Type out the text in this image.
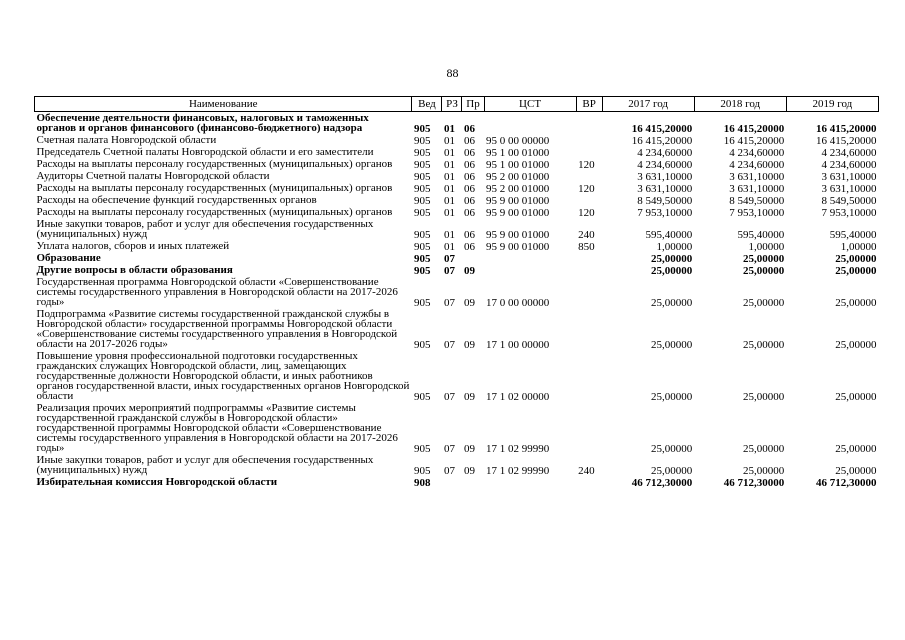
88
Наименование	Вед	РЗ	Пр	ЦСТ	ВР	2017 год	2018 год	2019 год
Обеспечение деятельности финансовых, налоговых и таможенных органов и органов финансового (финансово-бюджетного) надзора	905	01	06			16 415,20000	16 415,20000	16 415,20000
Счетная палата Новгородской области	905	01	06	95 0 00 00000		16 415,20000	16 415,20000	16 415,20000
Председатель Счетной палаты Новгородской области и его заместители	905	01	06	95 1 00 01000		4 234,60000	4 234,60000	4 234,60000
Расходы на выплаты персоналу государственных (муниципальных) органов	905	01	06	95 1 00 01000	120	4 234,60000	4 234,60000	4 234,60000
Аудиторы Счетной палаты Новгородской области	905	01	06	95 2 00 01000		3 631,10000	3 631,10000	3 631,10000
Расходы на выплаты персоналу государственных (муниципальных) органов	905	01	06	95 2 00 01000	120	3 631,10000	3 631,10000	3 631,10000
Расходы на обеспечение функций государственных органов	905	01	06	95 9 00 01000		8 549,50000	8 549,50000	8 549,50000
Расходы на выплаты персоналу государственных (муниципальных) органов	905	01	06	95 9 00 01000	120	7 953,10000	7 953,10000	7 953,10000
Иные закупки товаров, работ и услуг для обеспечения государственных (муниципальных) нужд	905	01	06	95 9 00 01000	240	595,40000	595,40000	595,40000
Уплата налогов, сборов и иных платежей	905	01	06	95 9 00 01000	850	1,00000	1,00000	1,00000
Образование	905	07				25,00000	25,00000	25,00000
Другие вопросы в области образования	905	07	09			25,00000	25,00000	25,00000
Государственная программа Новгородской области «Совершенствование системы государственного управления в Новгородской области на 2017-2026 годы»	905	07	09	17 0 00 00000		25,00000	25,00000	25,00000
Подпрограмма «Развитие системы государственной гражданской службы в Новгородской области» государственной программы Новгородской области «Совершенствование системы государственного управления в Новгородской области на 2017-2026 годы»	905	07	09	17 1 00 00000		25,00000	25,00000	25,00000
Повышение уровня профессиональной подготовки государственных гражданских служащих Новгородской области, лиц, замещающих государственные должности Новгородской области, и иных работников органов государственной власти, иных государственных органов Новгородской области	905	07	09	17 1 02 00000		25,00000	25,00000	25,00000
Реализация прочих мероприятий подпрограммы «Развитие системы государственной гражданской службы в Новгородской области» государственной программы Новгородской области «Совершенствование системы государственного управления в Новгородской области на 2017-2026 годы»	905	07	09	17 1 02 99990		25,00000	25,00000	25,00000
Иные закупки товаров, работ и услуг для обеспечения государственных (муниципальных) нужд	905	07	09	17 1 02 99990	240	25,00000	25,00000	25,00000
Избирательная комиссия Новгородской области	908					46 712,30000	46 712,30000	46 712,30000
